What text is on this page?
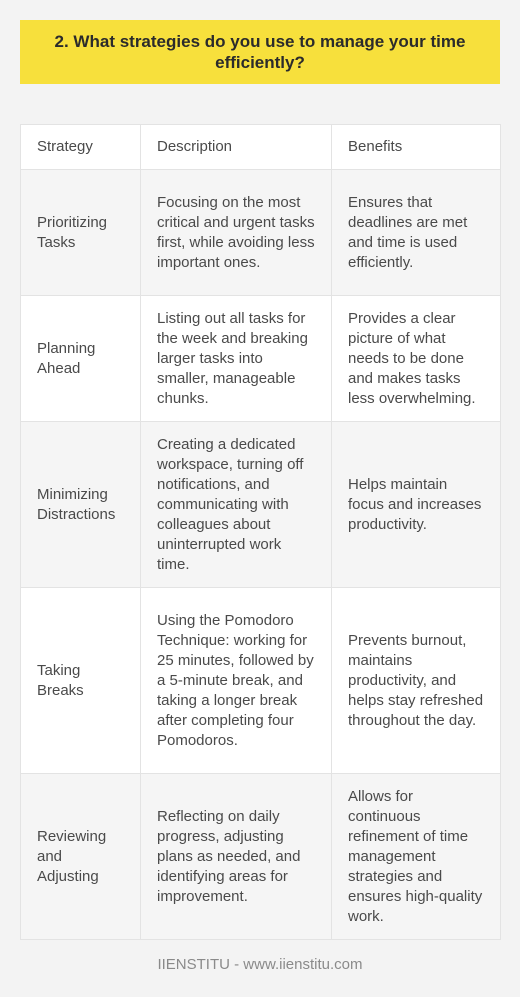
2. What strategies do you use to manage your time efficiently?
Strategy	Description	Benefits
Prioritizing Tasks	Focusing on the most critical and urgent tasks first, while avoiding less important ones.	Ensures that deadlines are met and time is used efficiently.
Planning Ahead	Listing out all tasks for the week and breaking larger tasks into smaller, manageable chunks.	Provides a clear picture of what needs to be done and makes tasks less overwhelming.
Minimizing Distractions	Creating a dedicated workspace, turning off notifications, and communicating with colleagues about uninterrupted work time.	Helps maintain focus and increases productivity.
Taking Breaks	Using the Pomodoro Technique: working for 25 minutes, followed by a 5-minute break, and taking a longer break after completing four Pomodoros.	Prevents burnout, maintains productivity, and helps stay refreshed throughout the day.
Reviewing and Adjusting	Reflecting on daily progress, adjusting plans as needed, and identifying areas for improvement.	Allows for continuous refinement of time management strategies and ensures high-quality work.
IIENSTITU - www.iienstitu.com
